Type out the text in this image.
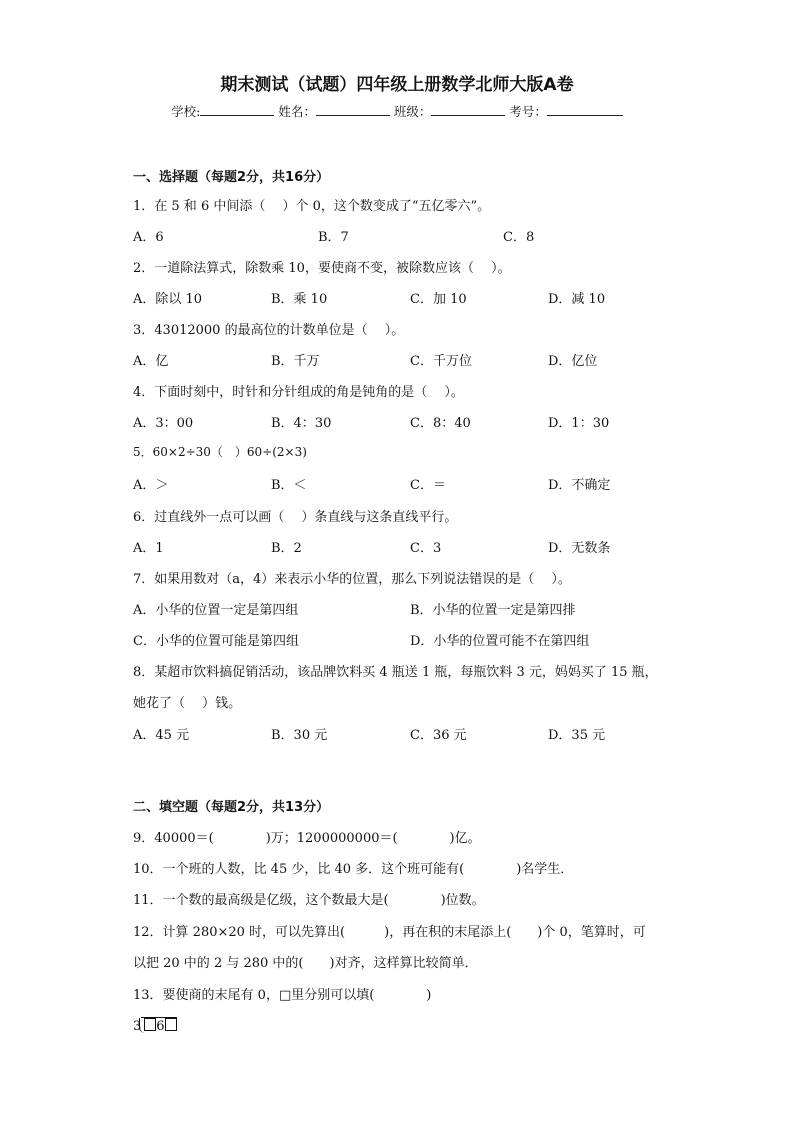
期末测试（试题）四年级上册数学北师大版A卷
学校:	姓名：	班级：	考号：
一、选择题（每题2分，共16分）
1．在 5 和 6 中间添（　 ）个 0，这个数变成了“五亿零六”。
A．6	B．7	C．8
2．一道除法算式，除数乘 10，要使商不变，被除数应该（　 ）。
A．除以 10	B．乘 10	C．加 10	D．减 10
3．43012000 的最高位的计数单位是（　 ）。
A．亿	B．千万	C．千万位	D．亿位
4．下面时刻中，时针和分针组成的角是钝角的是（　 ）。
A．3：00	B．4：30	C．8：40	D．1：30
5．60×2÷30（　）60÷(2×3)
A．＞	B．＜	C．＝	D．不确定
6．过直线外一点可以画（　 ）条直线与这条直线平行。
A．1	B．2	C．3	D．无数条
7．如果用数对（a，4）来表示小华的位置，那么下列说法错误的是（　 ）。
A．小华的位置一定是第四组	B．小华的位置一定是第四排
C．小华的位置可能是第四组	D．小华的位置可能不在第四组
8．某超市饮料搞促销活动，该品牌饮料买 4 瓶送 1 瓶，每瓶饮料 3 元，妈妈买了 15 瓶，
她花了（　 ）钱。
A．45 元	B．30 元	C．36 元	D．35 元
二、填空题（每题2分，共13分）
9．40000＝(　　　　)万；1200000000＝(　　　　)亿。
10．一个班的人数，比 45 少，比 40 多．这个班可能有(　　　　)名学生．
11．一个数的最高级是亿级，这个数最大是(　　　　)位数。
12．计算 280×20 时，可以先算出(　　　)，再在积的末尾添上(　　)个 0，笔算时，可
以把 20 中的 2 与 280 中的(　　)对齐，这样算比较简单．
13．要使商的末尾有 0，□里分别可以填(　　　　)
3 6
